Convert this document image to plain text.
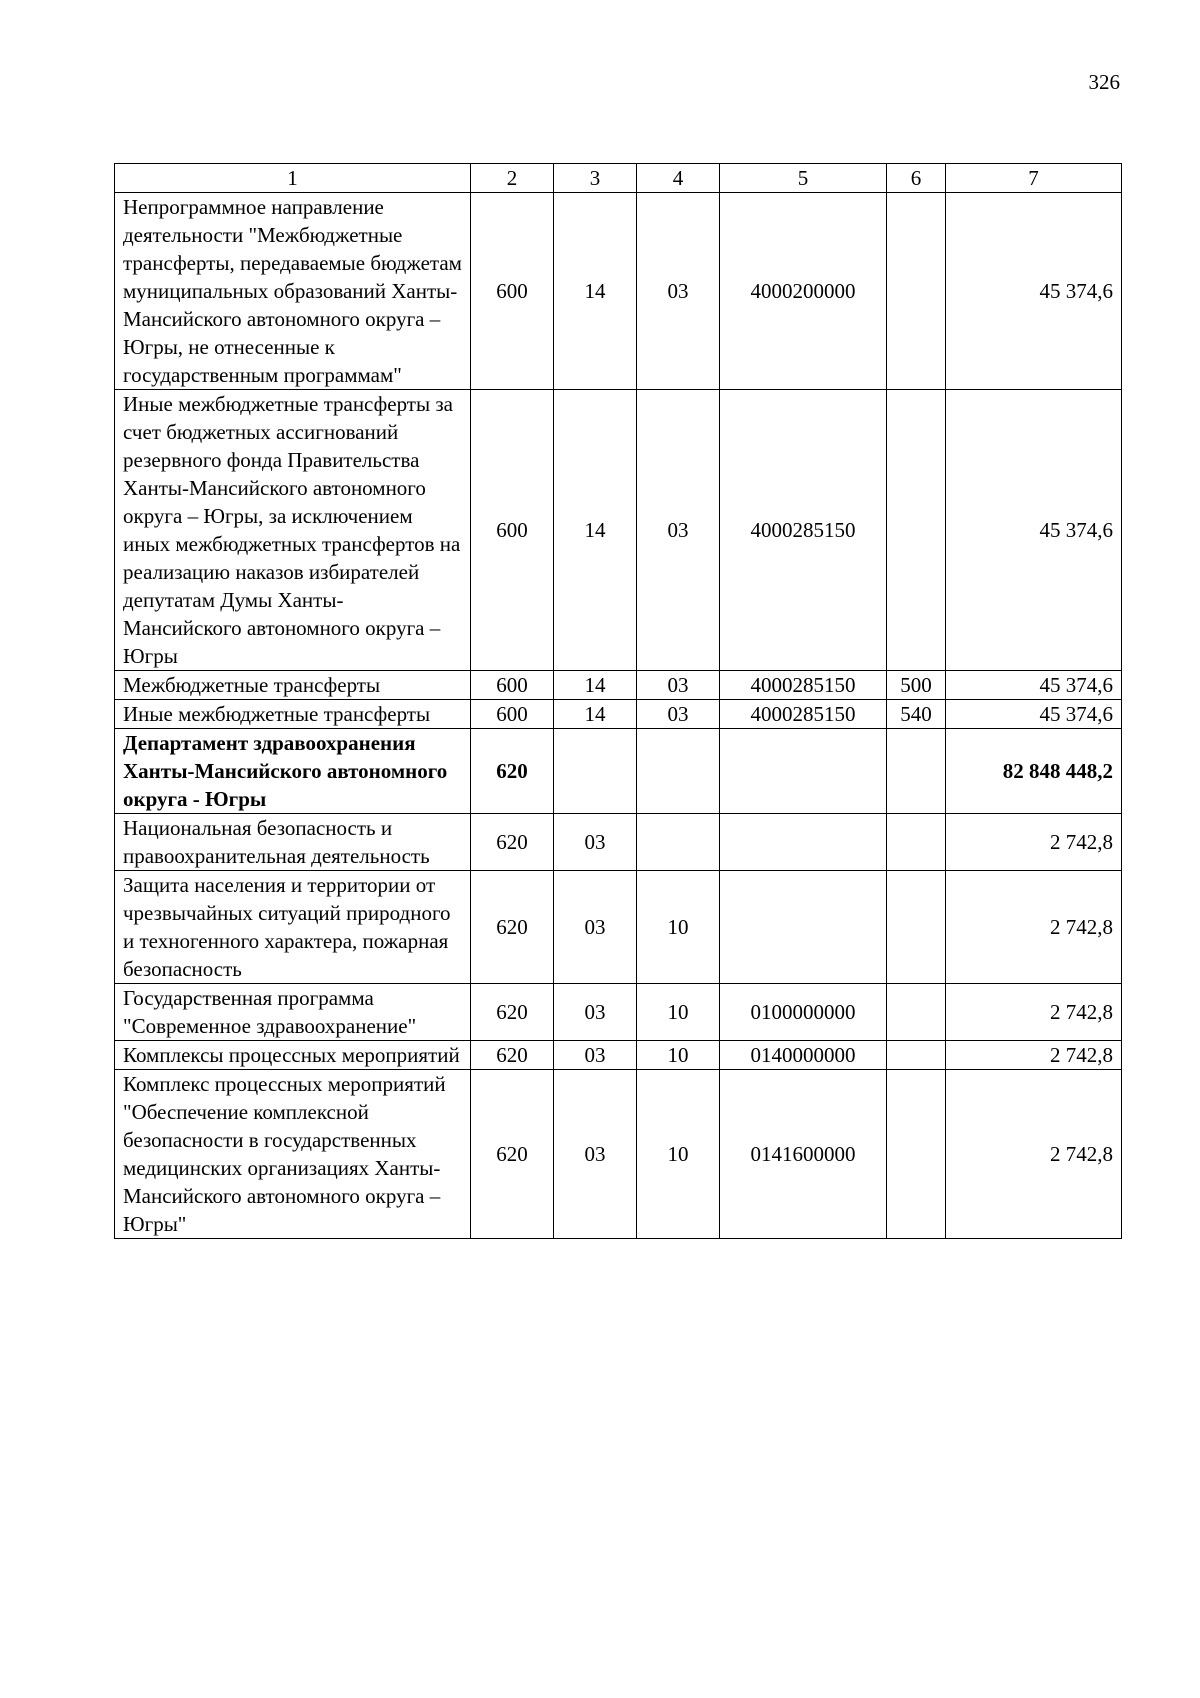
326
1	2	3	4	5	6	7
Непрограммное направление деятельности "Межбюджетные трансферты, передаваемые бюджетам муниципальных образований Ханты-Мансийского автономного округа – Югры, не отнесенные к государственным программам"	600	14	03	4000200000		45 374,6
Иные межбюджетные трансферты за счет бюджетных ассигнований резервного фонда Правительства Ханты-Мансийского автономного округа – Югры, за исключением иных межбюджетных трансфертов на реализацию наказов избирателей депутатам Думы Ханты-Мансийского автономного округа – Югры	600	14	03	4000285150		45 374,6
Межбюджетные трансферты	600	14	03	4000285150	500	45 374,6
Иные межбюджетные трансферты	600	14	03	4000285150	540	45 374,6
Департамент здравоохранения Ханты-Мансийского автономного округа - Югры	620					82 848 448,2
Национальная безопасность и правоохранительная деятельность	620	03				2 742,8
Защита населения и территории от чрезвычайных ситуаций природного и техногенного характера, пожарная безопасность	620	03	10			2 742,8
Государственная программа "Современное здравоохранение"	620	03	10	0100000000		2 742,8
Комплексы процессных мероприятий	620	03	10	0140000000		2 742,8
Комплекс процессных мероприятий "Обеспечение комплексной безопасности в государственных медицинских организациях Ханты-Мансийского автономного округа – Югры"	620	03	10	0141600000		2 742,8
